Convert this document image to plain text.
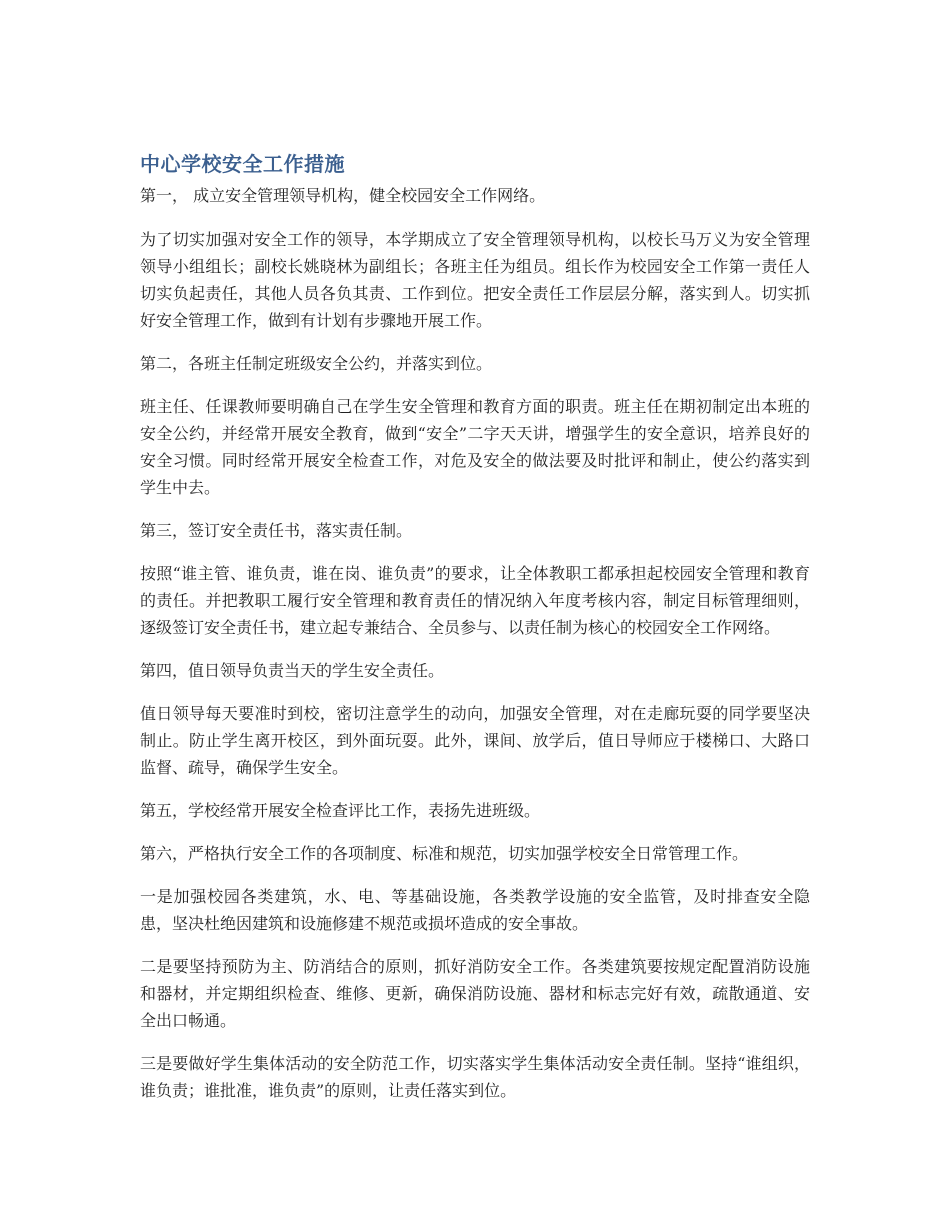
中心学校安全工作措施

第一， 成立安全管理领导机构，健全校园安全工作网络。

为了切实加强对安全工作的领导，本学期成立了安全管理领导机构，以校长马万义为安全管理领导小组组长；副校长姚晓林为副组长；各班主任为组员。组长作为校园安全工作第一责任人切实负起责任，其他人员各负其责、工作到位。把安全责任工作层层分解，落实到人。切实抓好安全管理工作，做到有计划有步骤地开展工作。

第二，各班主任制定班级安全公约，并落实到位。

班主任、任课教师要明确自己在学生安全管理和教育方面的职责。班主任在期初制定出本班的安全公约，并经常开展安全教育，做到“安全”二字天天讲，增强学生的安全意识，培养良好的安全习惯。同时经常开展安全检查工作，对危及安全的做法要及时批评和制止，使公约落实到学生中去。

第三，签订安全责任书，落实责任制。

按照“谁主管、谁负责，谁在岗、谁负责”的要求，让全体教职工都承担起校园安全管理和教育的责任。并把教职工履行安全管理和教育责任的情况纳入年度考核内容，制定目标管理细则，逐级签订安全责任书，建立起专兼结合、全员参与、以责任制为核心的校园安全工作网络。

第四，值日领导负责当天的学生安全责任。

值日领导每天要准时到校，密切注意学生的动向，加强安全管理，对在走廊玩耍的同学要坚决制止。防止学生离开校区，到外面玩耍。此外，课间、放学后，值日导师应于楼梯口、大路口监督、疏导，确保学生安全。

第五，学校经常开展安全检查评比工作，表扬先进班级。

第六，严格执行安全工作的各项制度、标准和规范，切实加强学校安全日常管理工作。

一是加强校园各类建筑，水、电、等基础设施，各类教学设施的安全监管，及时排查安全隐患，坚决杜绝因建筑和设施修建不规范或损坏造成的安全事故。

二是要坚持预防为主、防消结合的原则，抓好消防安全工作。各类建筑要按规定配置消防设施和器材，并定期组织检查、维修、更新，确保消防设施、器材和标志完好有效，疏散通道、安全出口畅通。

三是要做好学生集体活动的安全防范工作，切实落实学生集体活动安全责任制。坚持“谁组织，谁负责；谁批准，谁负责”的原则，让责任落实到位。
